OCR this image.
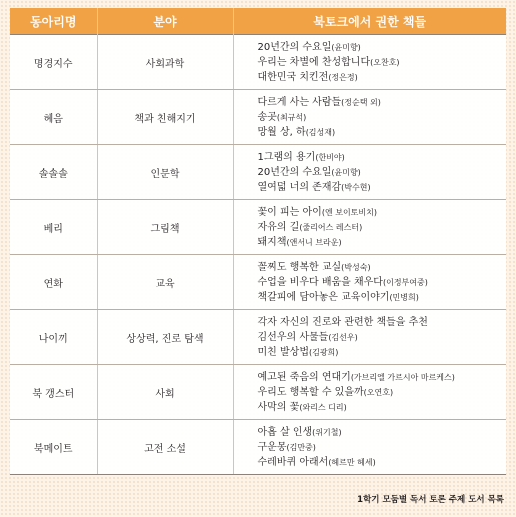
동아리명	분야	북토크에서 권한 책들
명경지수	사회과학	20년간의 수요일(윤미향)
우리는 차별에 찬성합니다(오찬호)
대한민국 치킨전(정은정)

혜음	책과 친해지기	다르게 사는 사람들(정순택 외)
송곳(최규석)
망월 상, 하(김성재)

솔솔솔	인문학	1그램의 용기(한비야)
20년간의 수요일(윤미향)
열여덟 너의 존재감(박수현)

베리	그림책	꽃이 피는 아이(엔 보이토비치)
자유의 길(줄리어스 레스터)
돼지책(앤서니 브라운)

연화	교육	꼴찌도 행복한 교실(박성숙)
수업을 비우다 배움을 채우다(이정부여중)
책갈피에 담아놓은 교육이야기(민병희)

나이끼	상상력, 진로 탐색	각자 자신의 진로와 관련한 책들을 추천
김선우의 사물들(김선우)
미친 발상법(김광희)

북 갱스터	사회	예고된 죽음의 연대기(가브리엘 가르시아 마르케스)
우리도 행복할 수 있을까(오연호)
사막의 꽃(와리스 디리)

북메이트	고전 소설	아홉 살 인생(위기철)
구운몽(김만중)
수레바퀴 아래서(헤르만 헤세)
1학기 모둠별 독서 토론 주제 도서 목록
